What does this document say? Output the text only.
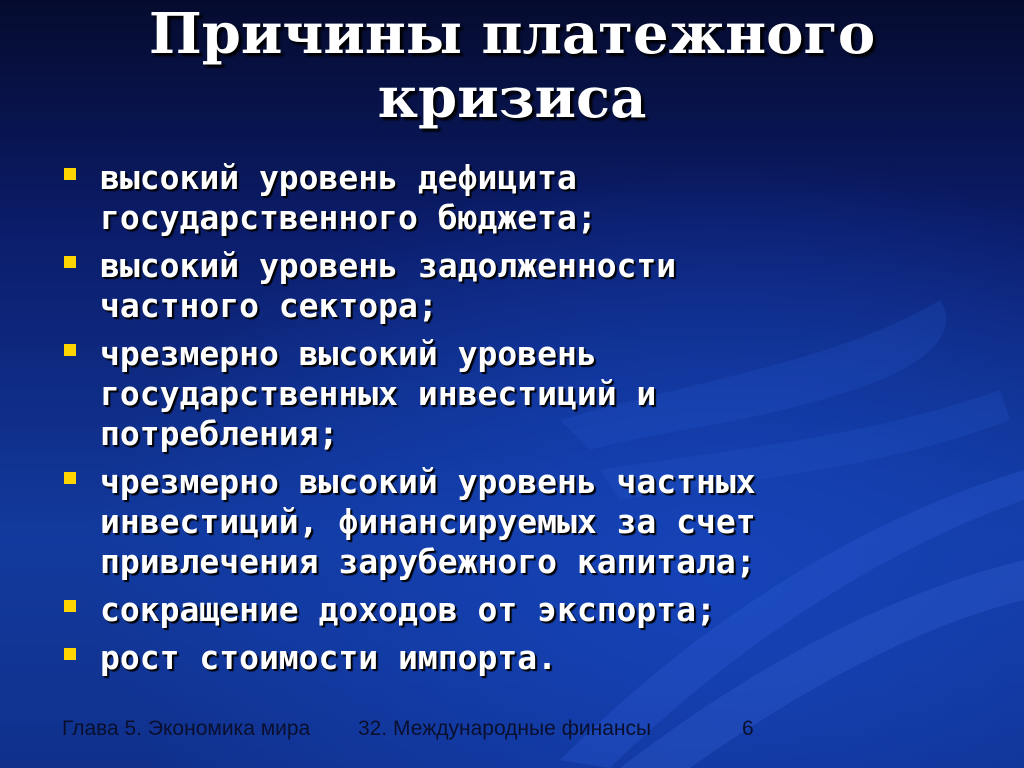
Причины платежного
кризиса
высокий уровень дефицита
государственного бюджета;
высокий уровень задолженности
частного сектора;
чрезмерно высокий уровень
государственных инвестиций и
потребления;
чрезмерно высокий уровень частных
инвестиций, финансируемых за счет
привлечения зарубежного капитала;
сокращение доходов от экспорта;
рост стоимости импорта.
Глава 5. Экономика мира 32. Международные финансы	6
